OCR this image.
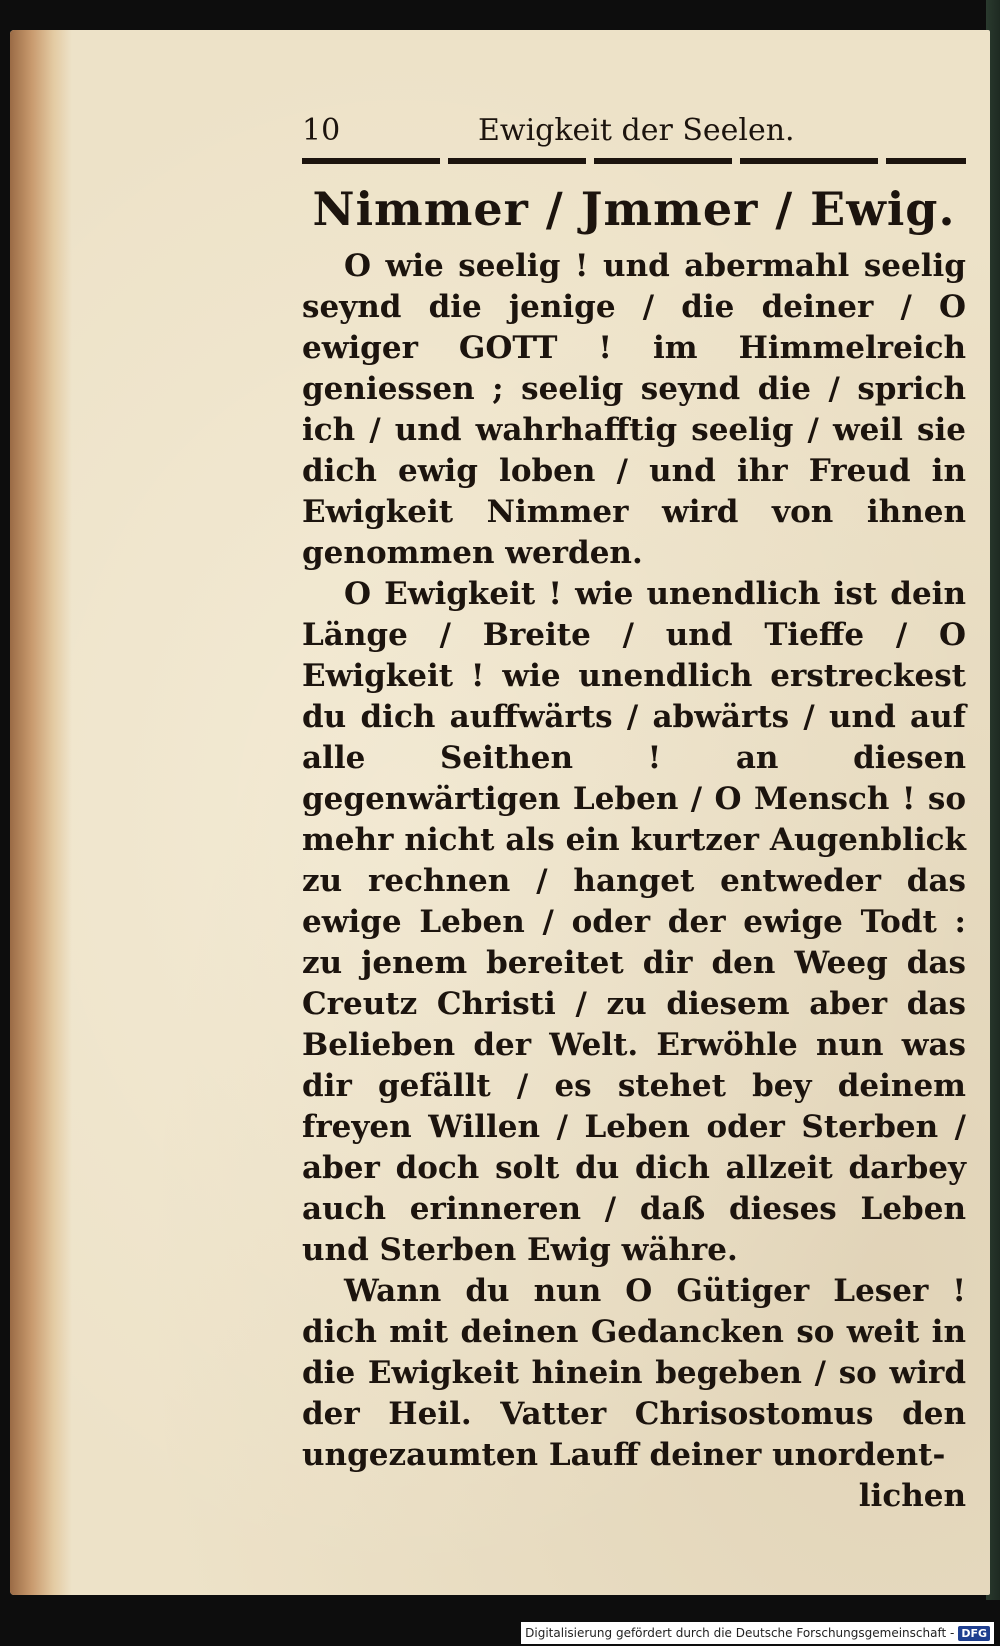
10	Ewigkeit der Seelen.
Nimmer / Jmmer / Ewig.

O wie seelig ! und abermahl seelig seynd die jenige / die deiner / O ewiger GOTT ! im Himmelreich geniessen ; seelig seynd die / sprich ich / und wahrhafftig seelig / weil sie dich ewig loben / und ihr Freud in Ewigkeit Nimmer wird von ihnen genommen werden.

O Ewigkeit ! wie unendlich ist dein Länge / Breite / und Tieffe / O Ewigkeit ! wie unendlich erstreckest du dich auffwärts / abwärts / und auf alle Seithen ! an diesen gegenwärtigen Leben / O Mensch ! so mehr nicht als ein kurtzer Augenblick zu rechnen / hanget entweder das ewige Leben / oder der ewige Todt : zu jenem bereitet dir den Weeg das Creutz Christi / zu diesem aber das Belieben der Welt. Erwöhle nun was dir gefällt / es stehet bey deinem freyen Willen / Leben oder Sterben / aber doch solt du dich allzeit darbey auch erinneren / daß dieses Leben und Sterben Ewig währe.

Wann du nun O Gütiger Leser ! dich mit deinen Gedancken so weit in die Ewigkeit hinein begeben / so wird der Heil. Vatter Chrisostomus den ungezaumten Lauff deiner unordent-

lichen

Digitalisierung gefördert durch die Deutsche Forschungsgemeinschaft - DFG
